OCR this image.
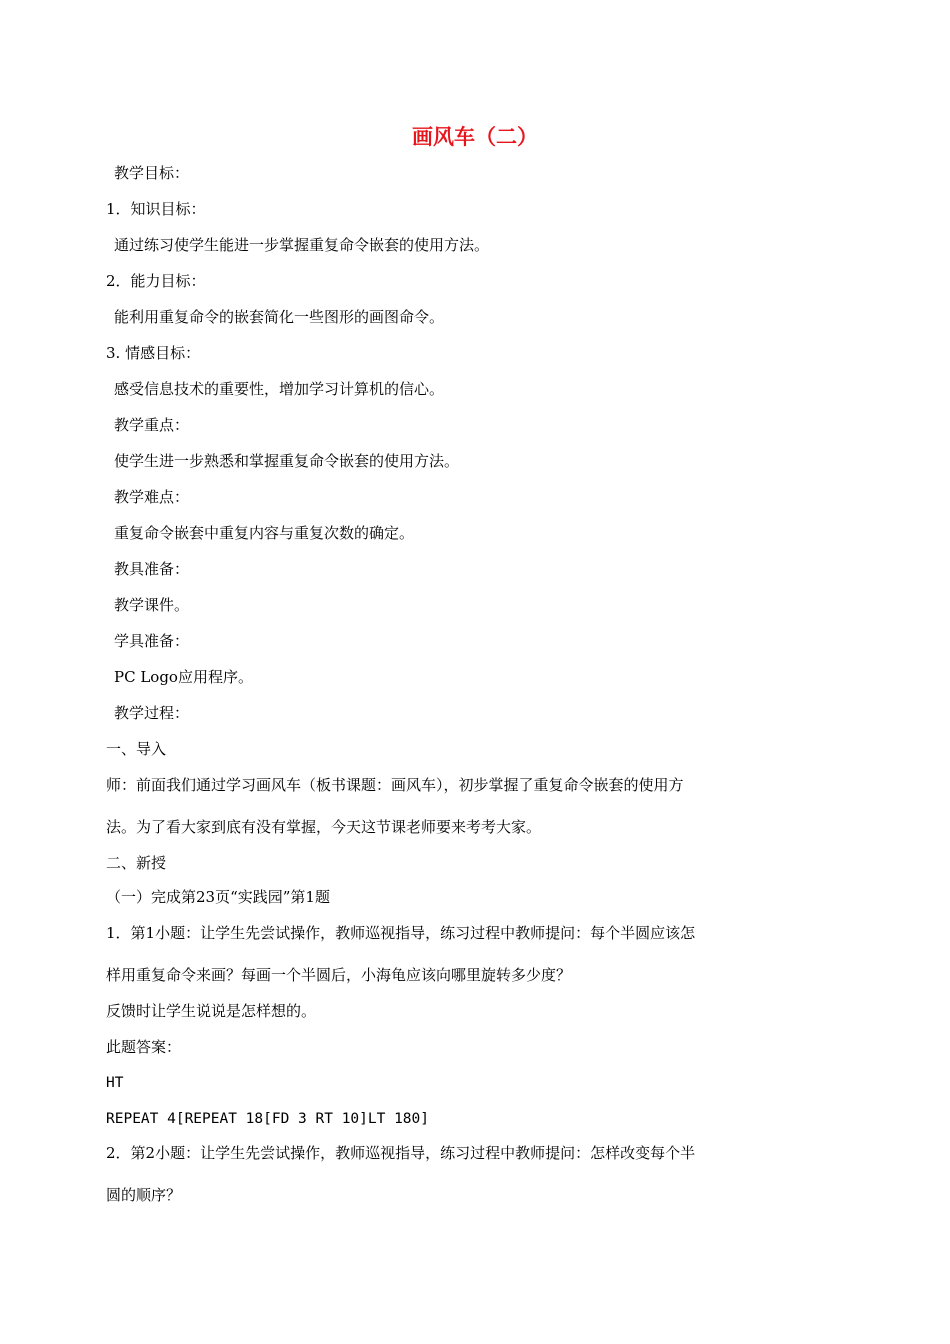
画风车（二）
教学目标：
1．知识目标：
通过练习使学生能进一步掌握重复命令嵌套的使用方法。
2．能力目标：
能利用重复命令的嵌套简化一些图形的画图命令。
3. 情感目标：
感受信息技术的重要性，增加学习计算机的信心。
教学重点：
使学生进一步熟悉和掌握重复命令嵌套的使用方法。
教学难点：
重复命令嵌套中重复内容与重复次数的确定。
教具准备：
教学课件。
学具准备：
PC Logo应用程序。
教学过程：
一、导入
师：前面我们通过学习画风车（板书课题：画风车），初步掌握了重复命令嵌套的使用方
法。为了看大家到底有没有掌握，今天这节课老师要来考考大家。
二、新授
（一）完成第23页“实践园”第1题
1．第1小题：让学生先尝试操作，教师巡视指导，练习过程中教师提问：每个半圆应该怎
样用重复命令来画？每画一个半圆后，小海龟应该向哪里旋转多少度？
反馈时让学生说说是怎样想的。
此题答案：
HT
REPEAT 4[REPEAT 18[FD 3 RT 10]LT 180]
2．第2小题：让学生先尝试操作，教师巡视指导，练习过程中教师提问：怎样改变每个半
圆的顺序？
